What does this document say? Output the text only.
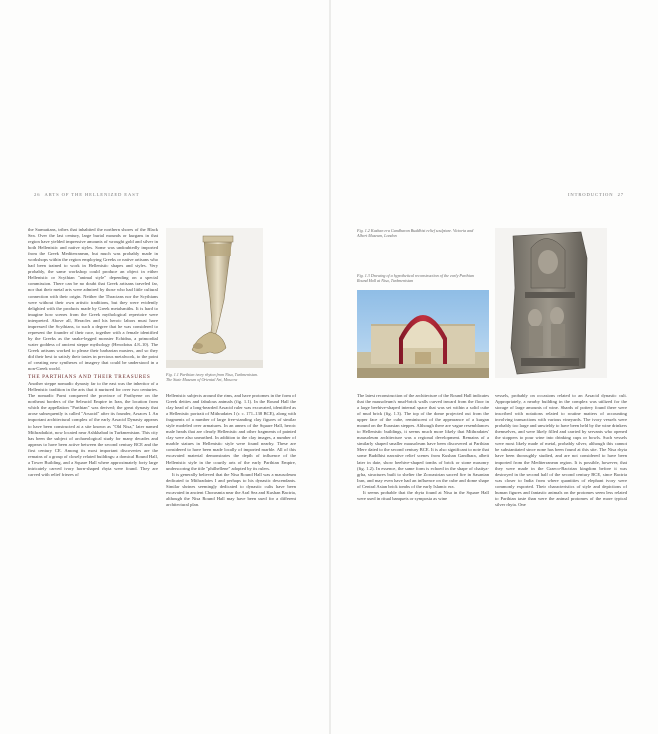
26 ARTS OF THE HELLENIZED EAST	INTRODUCTION 27

the Sarmatians, tribes that inhabited the northern shores of the Black Sea. Over the last century, large burial mounds or kurgans in that region have yielded impressive amounts of wrought gold and silver in both Hellenistic and native styles. Some was undoubtedly imported from the Greek Mediterranean, but much was probably made in workshops within the region employing Greeks or native artisans who had been trained to work in Hellenistic shapes and styles. Very probably, the same workshop could produce an object in either Hellenistic or Scythian "animal style" depending on a special commission. There can be no doubt that Greek artisans traveled far, nor that their metal arts were admired by those who had little cultural connection with their origin. Neither the Thracians nor the Scythians were without their own artistic traditions, but they were evidently delighted with the products made by Greek metalsmiths. It is hard to imagine how scenes from the Greek mythological repertoire were interpreted. Above all, Heracles and his heroic labors must have impressed the Scythians, to such a degree that he was considered to represent the founder of their race, together with a female identified by the Greeks as the snake-legged monster Echidna, a primordial water goddess of ancient steppe mythology (Herodotus 4.8–10). The Greek artisans worked to please their barbarian masters, and so they did their best to satisfy their tastes in precious metalwork, to the point of creating new syntheses of imagery that could be understood in a non-Greek world.

THE PARTHIANS AND THEIR TREASURES

Another steppe nomadic dynasty far to the east was the inheritor of a Hellenistic tradition in the arts that it nurtured for over two centuries. The nomadic Parni conquered the province of Parthyene on the northeast borders of the Seleucid Empire in Iran, the location from which the appellation "Parthian" was derived; the great dynasty that arose subsequently is called "Arsacid" after its founder, Arsaces I. An important architectural complex of the early Arsacid Dynasty appears to have been constructed at a site known as "Old Nisa," later named Mithradatkirt, now located near Ashkhabad in Turkmenistan. This city has been the subject of archaeological study for many decades and appears to have been active between the second century BCE and the first century CE. Among its most important discoveries are the remains of a group of closely related buildings: a domical Round Hall, a Tower Building, and a Square Hall where approximately forty large intricately carved ivory horn-shaped rhyta were found. They are carved with relief friezes of

Fig. 1.1 Parthian ivory rhyton from Nisa, Turkmenistan. The State Museum of Oriental Art, Moscow

Hellenistic subjects around the rims, and have protomes in the form of Greek deities and fabulous animals (fig. 1.1). In the Round Hall the clay head of a long-bearded Arsacid ruler was excavated, identified as a Hellenistic portrait of Mithradates I (r. c. 171–138 BCE), along with fragments of a number of large free-standing clay figures of similar style modeled over armatures. In an annex of the Square Hall, heroic male heads that are clearly Hellenistic and other fragments of painted clay were also unearthed. In addition to the clay images, a number of marble statues in Hellenistic style were found nearby. These are considered to have been made locally of imported marble. All of this excavated material demonstrates the depth of influence of the Hellenistic style in the courtly arts of the early Parthian Empire, underscoring the title "philhellene" adopted by its rulers.

It is generally believed that the Nisa Round Hall was a mausoleum dedicated to Mithradates I and perhaps to his dynastic descendants. Similar shrines seemingly dedicated to dynastic cults have been excavated in ancient Chorasmia near the Aral Sea and Kushan Bactria, although the Nisa Round Hall may have been used for a different architectural plan.

Fig. 1.2 Kushan era Gandharan Buddhist relief sculpture. Victoria and Albert Museum, London
Fig. 1.3 Drawing of a hypothetical reconstruction of the early Parthian Round Hall at Nisa, Turkmenistan

The latest reconstruction of the architecture of the Round Hall indicates that the mausoleum's mud-brick walls curved inward from the floor in a large beehive-shaped internal space that was set within a solid cube of mud brick (fig. 1.3). The top of the dome projected out from the upper face of the cube, reminiscent of the appearance of a kurgan mound on the Eurasian steppes. Although there are vague resemblances to Hellenistic buildings, it seems much more likely that Mithradates' mausoleum architecture was a regional development. Remains of a similarly shaped smaller mausoleum have been discovered at Parthian Merv dated to the second century BCE. It is also significant to note that some Buddhist narrative relief scenes from Kushan Gandhara, albeit later in date, show beehive-shaped tombs of brick or stone masonry (fig. 1.2). In essence, the same form is echoed in the shape of chaitya-gṛha, structures built to shelter the Zoroastrian sacred fire in Sasanian Iran, and may even have had an influence on the cube and dome shape of Central Asian brick tombs of the early Islamic era.

It seems probable that the rhyta found at Nisa in the Square Hall were used in ritual banquets or symposia as wine

vessels, probably on occasions related to an Arsacid dynastic cult. Appropriately, a nearby building in the complex was utilized for the storage of large amounts of wine. Shards of pottery found there were inscribed with notations related to routine matters of accounting involving transactions with various vineyards. The ivory vessels were probably too large and unwieldy to have been held by the wine drinkers themselves, and were likely filled and carried by servants who opened the stoppers to pour wine into drinking cups or bowls. Such vessels were most likely made of metal, probably silver, although this cannot be substantiated since none has been found at this site. The Nisa rhyta have been thoroughly studied, and are not considered to have been imported from the Mediterranean region. It is possible, however, that they were made in the Graeco-Bactrian kingdom before it was destroyed in the second half of the second century BCE, since Bactria was closer to India from where quantities of elephant ivory were commonly exported. Their characteristics of style and depictions of human figures and fantastic animals on the protomes seem less related to Parthian taste than were the animal protomes of the more typical silver rhyta. One
